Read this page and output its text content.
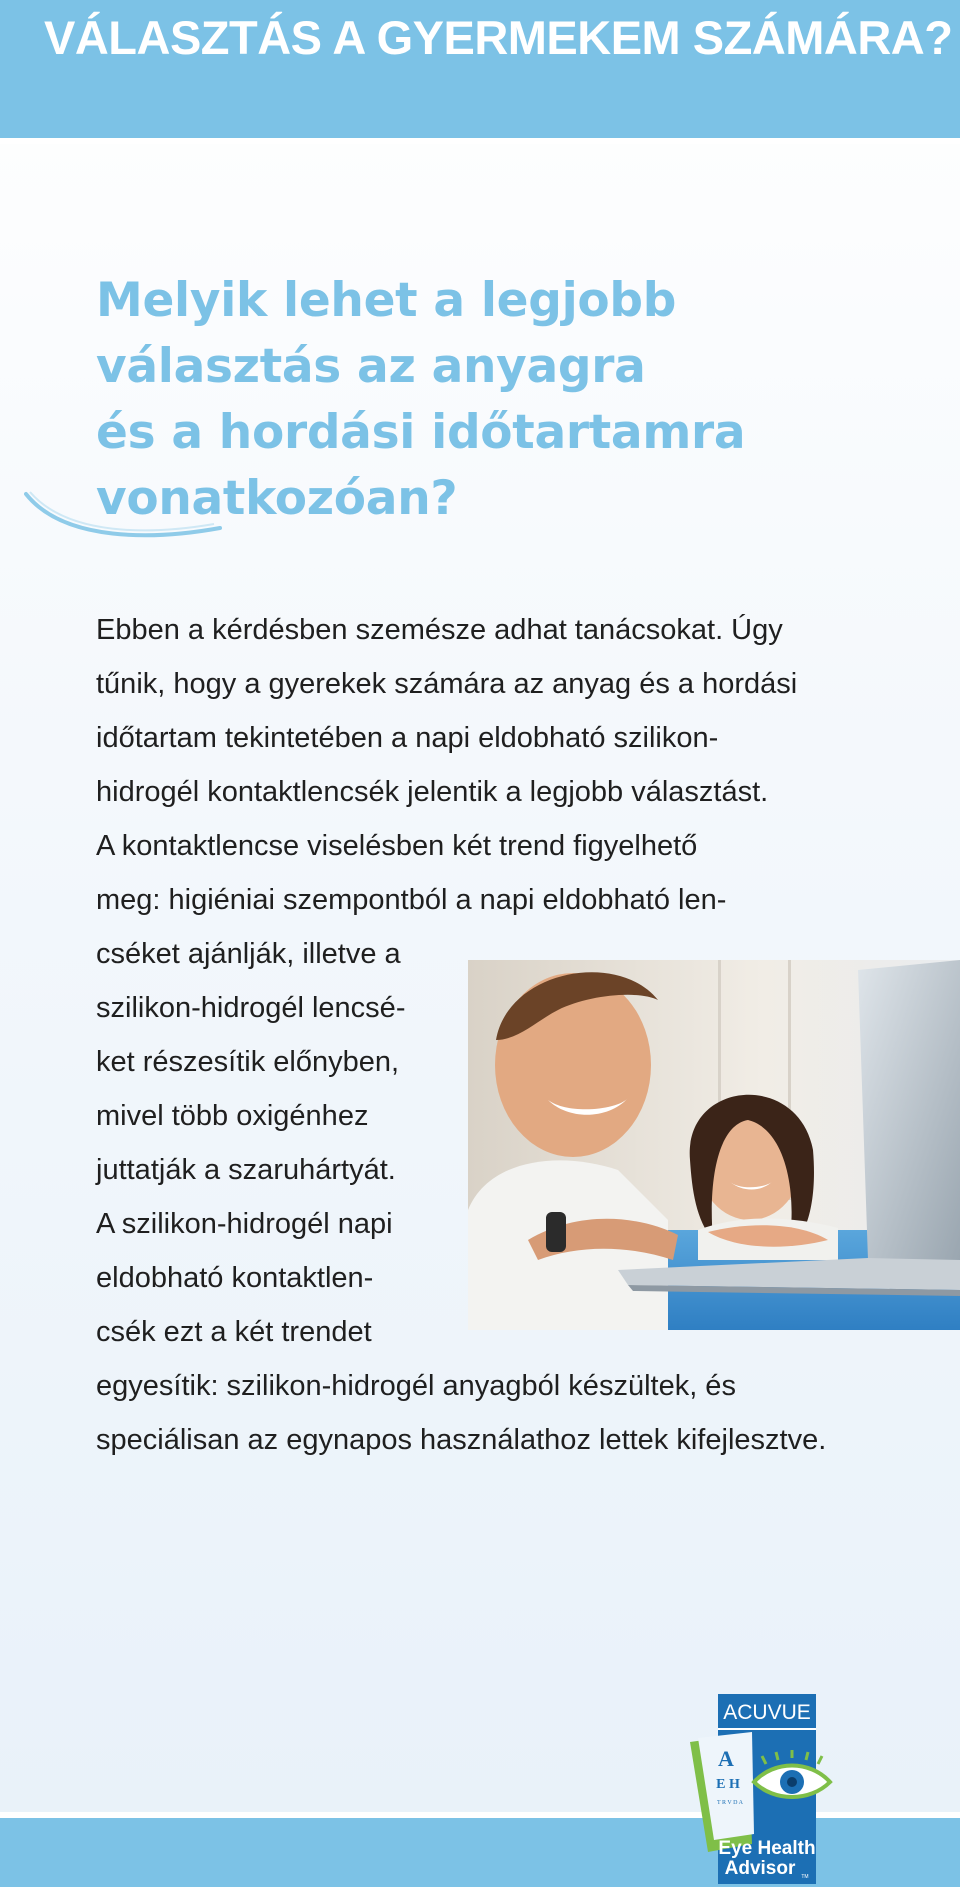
VÁLASZTÁS A GYERMEKEM SZÁMÁRA?
Melyik lehet a legjobb
választás az anyagra
és a hordási időtartamra
vonatkozóan?

Ebben a kérdésben szemésze adhat tanácsokat. Úgy
tűnik, hogy a gyerekek számára az anyag és a hordási
időtartam tekintetében a napi eldobható szilikon-
hidrogél kontaktlencsék jelentik a legjobb választást.
A kontaktlencse viselésben két trend figyelhető
meg: higiéniai szempontból a napi eldobható len-

cséket ajánlják, illetve a
szilikon-hidrogél lencsé-
ket részesítik előnyben,
mivel több oxigénhez
juttatják a szaruhártyát.
A szilikon-hidrogél napi
eldobható kontaktlen-
csék ezt a két trendet

egyesítik: szilikon-hidrogél anyagból készültek, és
speciálisan az egynapos használathoz lettek kifejlesztve.

ACUVUE
A
E H
T R V D A
Eye Health
Advisor TM
